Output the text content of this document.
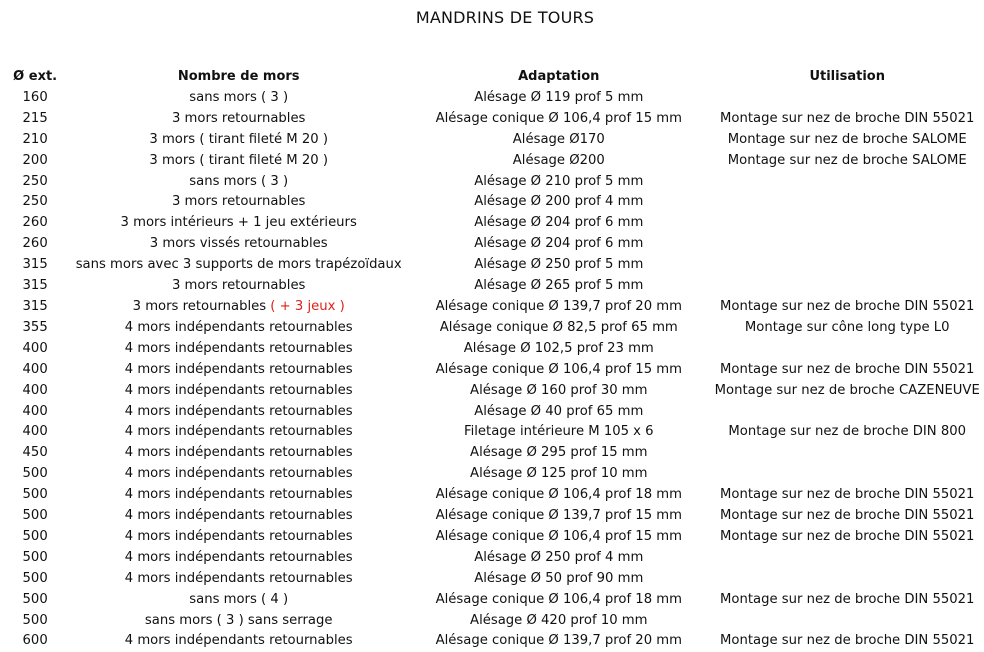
MANDRINS DE TOURS
Ø ext.	Nombre de mors	Adaptation	Utilisation
160	sans mors ( 3 )	Alésage Ø 119 prof 5 mm	
215	3 mors retournables	Alésage conique Ø 106,4 prof 15 mm	Montage sur nez de broche DIN 55021
210	3 mors ( tirant fileté M 20 )	Alésage Ø170	Montage sur nez de broche SALOME
200	3 mors ( tirant fileté M 20 )	Alésage Ø200	Montage sur nez de broche SALOME
250	sans mors ( 3 )	Alésage Ø 210 prof 5 mm	
250	3 mors retournables	Alésage Ø 200 prof 4 mm	
260	3 mors intérieurs + 1 jeu extérieurs	Alésage Ø 204 prof 6 mm	
260	3 mors vissés retournables	Alésage Ø 204 prof 6 mm	
315	sans mors avec 3 supports de mors trapézoïdaux	Alésage Ø 250 prof 5 mm	
315	3 mors retournables	Alésage Ø 265 prof 5 mm	
315	3 mors retournables ( + 3 jeux )	Alésage conique Ø 139,7 prof 20 mm	Montage sur nez de broche DIN 55021
355	4 mors indépendants retournables	Alésage conique Ø 82,5 prof 65 mm	Montage sur cône long type L0
400	4 mors indépendants retournables	Alésage Ø 102,5 prof 23 mm	
400	4 mors indépendants retournables	Alésage conique Ø 106,4 prof 15 mm	Montage sur nez de broche DIN 55021
400	4 mors indépendants retournables	Alésage Ø 160 prof 30 mm	Montage sur nez de broche CAZENEUVE
400	4 mors indépendants retournables	Alésage Ø 40 prof 65 mm	
400	4 mors indépendants retournables	Filetage intérieure M 105 x 6	Montage sur nez de broche DIN 800
450	4 mors indépendants retournables	Alésage Ø 295 prof 15 mm	
500	4 mors indépendants retournables	Alésage Ø 125 prof 10 mm	
500	4 mors indépendants retournables	Alésage conique Ø 106,4 prof 18 mm	Montage sur nez de broche DIN 55021
500	4 mors indépendants retournables	Alésage conique Ø 139,7 prof 15 mm	Montage sur nez de broche DIN 55021
500	4 mors indépendants retournables	Alésage conique Ø 106,4 prof 15 mm	Montage sur nez de broche DIN 55021
500	4 mors indépendants retournables	Alésage Ø 250 prof 4 mm	
500	4 mors indépendants retournables	Alésage Ø 50 prof 90 mm	
500	sans mors ( 4 )	Alésage conique Ø 106,4 prof 18 mm	Montage sur nez de broche DIN 55021
500	sans mors ( 3 ) sans serrage	Alésage Ø 420 prof 10 mm	
600	4 mors indépendants retournables	Alésage conique Ø 139,7 prof 20 mm	Montage sur nez de broche DIN 55021
